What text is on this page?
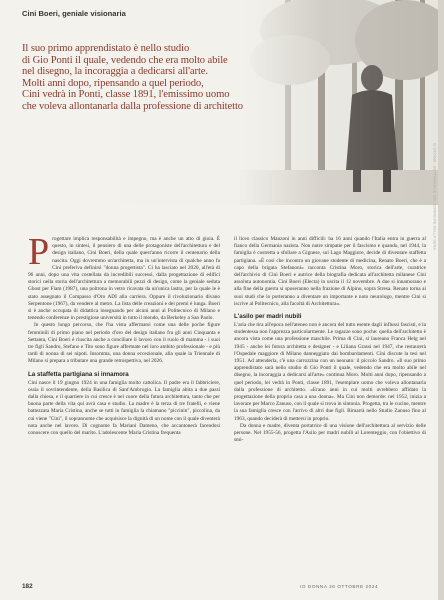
Cini Boeri, geniale visionaria

Il suo primo apprendistato è nello studio

di Gio Ponti il quale, vedendo che era molto abile

nel disegno, la incoraggia a dedicarsi all'arte.

Molti anni dopo, ripensando a quel periodo,

Cini vedrà in Ponti, classe 1891, l'emissimo uomo

che voleva allontanarla dalla professione di architetto

P rogettare implica responsabilità e impegno, ma è anche un atto di gioia. È questo, in sintesi, il pensiero di una delle protagoniste dell'architettura e del design italiano, Cini Boeri, della quale quest'anno ricorre il centenario della nascita. Oggi dovremmo un'architetta, ma in un'intervista di qualche anno fa Cini preferiva definirsi "donna progettista". Ci ha lasciato nel 2020, all'età di 96 anni, dopo una vita costellata da incredibili successi, dalla progettazione di edifici storici nella storia dell'architettura a memorabili pezzi di design, come la geniale seduta Ghost per Fiam (1987), una poltrona in vetro ricavata da un'unica lastra, per la quale le è stato assegnato il Compasso d'Oro ADI alla carriera. Oppure il rivoluzionario divano Serpentone (1967), da vendere al metro. La lista delle creazioni e dei premi è lunga. Boeri si è anche occupata di didattica insegnando per alcuni anni al Politecnico di Milano e tenendo conferenze in prestigiose università in tutto il mondo, da Berkeley a San Paolo.

In questo lungo percorso, che l'ha vista affermarsi come una delle poche figure femminili di primo piano nel periodo d'oro del design italiano fra gli anni Cinquanta e Settanta, Cini Boeri è riuscita anche a conciliare il lavoro con il ruolo di mamma - i suoi tre figli Sandro, Stefano e Tito sono figure affermate nel loro ambito professionale - e più tardi di nonna di sei nipoti. Insomma, una donna eccezionale, alla quale la Triennale di Milano si prepara a tributare una grande retrospettiva, nel 2026.

La staffetta partigiana si innamora

Cini nasce il 19 giugno 1924 in una famiglia molto cattolica. Il padre era il fabbriciere, ossia il sovrintendente, della Basilica di Sant'Ambrogio. La famiglia abita a due passi dalla chiesa, e il quartiere in cui cresce è nel cuore della futura architettura, tanto che per buona parte della vita qui avrà casa e studio. La madre è la terza di tre fratelli, e viene battezzata Maria Cristina, anche se tutti in famiglia la chiamano "piccinin", piccolina, da cui viene "Cini", il soprannome che acquisisce la dignità di un nome con il quale diventerà nota anche nel lavoro. Di cognome fa Mariani Dameno, che accantonerà facendosi conoscere con quello del marito. L'adolescente Maria Cristina frequenta

il liceo classico Manzoni in anni difficili: ha 16 anni quando l'Italia entra in guerra al fianco della Germania nazista. Non nutre simpatie per il fascismo e quando, nel 1944, la famiglia è costretta a sfollare a Gignese, sul Lago Maggiore, decide di diventare staffetta partigiana. «È così che incontra un giovane studente di medicina, Renato Boeri, che è a capo della brigata Stefanoni» racconta Cristina Moro, storica dell'arte, curatrice dell'archivio di Cini Boeri e autrice della biografia dedicata all'architetta milanese Cini assoluta autonomia. Cini Boeri (Electa) in uscita il 12 novembre. A due si innamorano e alla fine della guerra si sposeranno nella frazione di Alpino, sopra Stresa. Renato torna ai suoi studi che lo porteranno a diventare un importante e noto neurologo, mentre Cini si iscrive al Politecnico, alla facoltà di Architettura».

L'asilo per madri nubili

L'aria che tira all'epoca nell'ateneo non è ancora del tutto esente dagli influssi fascisti, e la studentessa non l'apprezza particolarmente. Le ragazze sono poche: quella dell'architetto è ancora vista come una professione maschile. Prima di Cini, si laureano Franca Helg nel 1945 - anche lei futura architetta e designer - e Liliana Grassi nel 1947, che restaurerà l'Ospedale maggiore di Milano danneggiato dai bombardamenti. Cini discute la tesi nel 1951. Ad attenderla, c'è una carrozzina con un neonato: il piccolo Sandro. «Il suo primo apprendistato sarà nello studio di Gio Ponti il quale, vedendo che era molto abile nel disegno, la incoraggia a dedicarsi all'arte» continua Moro. Molti anni dopo, ripensando a quel periodo, lei vedrà in Ponti, classe 1891, l'esemplare uomo che voleva allontanarla dalla professione di architetto. «Erano anni in cui molti avrebbero affidato la progettazione della propria casa a una donna». Ma Cini non demorde: nel 1952, inizia a lavorare per Marco Zanuso, con il quale si trova in sintonia. Progetta, tra le cucine, mentre la sua famiglia cresce con l'arrivo di altri due figli. Rimarrà nello Studio Zanuso fino al 1963, quando deciderà di mettersi in proprio.

Da donna e madre, diventa portatrice di una visione dell'architettura al servizio delle persone. Nel 1955-56, progetta l'Asilo per madri nubili al Lorenteggio, con l'obiettivo di smi-

182	IO DONNA 26 OTTOBRE 2024
IO DONNA · SETTIMANALE DEL CORRIERE DELLA SERA
